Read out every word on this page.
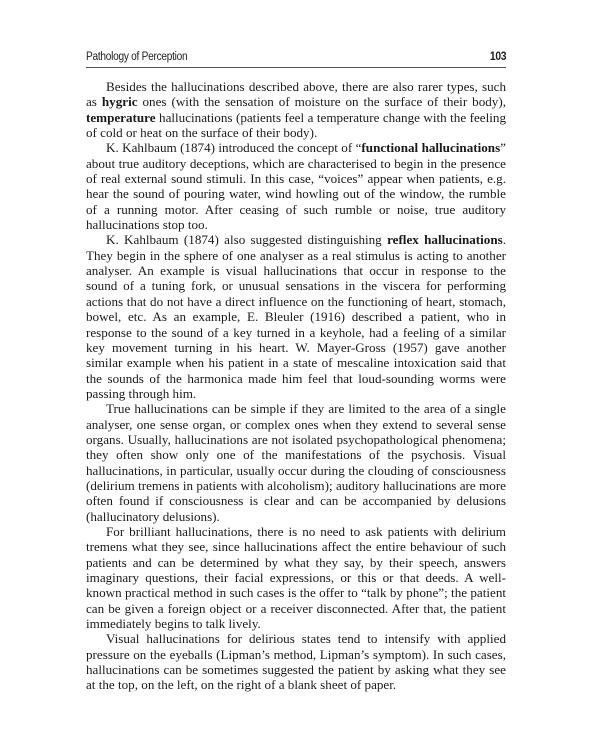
Pathology of Perception	103

Besides the hallucinations described above, there are also rarer types, such as hygric ones (with the sensation of moisture on the surface of their body), temperature hallucinations (patients feel a temperature change with the feeling of cold or heat on the surface of their body).

K. Kahlbaum (1874) introduced the concept of “functional hallucinations” about true auditory deceptions, which are characterised to begin in the presence of real external sound stimuli. In this case, “voices” appear when patients, e.g. hear the sound of pouring water, wind howling out of the window, the rumble of a running motor. After ceasing of such rumble or noise, true auditory hallucinations stop too.

K. Kahlbaum (1874) also suggested distinguishing reflex hallucinations. They begin in the sphere of one analyser as a real stimulus is acting to another analyser. An example is visual hallucinations that occur in response to the sound of a tuning fork, or unusual sensations in the viscera for performing actions that do not have a direct influence on the functioning of heart, stomach, bowel, etc. As an example, E. Bleuler (1916) described a patient, who in response to the sound of a key turned in a keyhole, had a feeling of a similar key movement turning in his heart. W. Mayer-Gross (1957) gave another similar example when his patient in a state of mescaline intoxication said that the sounds of the harmonica made him feel that loud-sounding worms were passing through him.

True hallucinations can be simple if they are limited to the area of a single analyser, one sense organ, or complex ones when they extend to several sense organs. Usually, hallucinations are not isolated psychopathological phenomena; they often show only one of the manifestations of the psychosis. Visual hallucinations, in particular, usually occur during the clouding of consciousness (delirium tremens in patients with alcoholism); auditory hallucinations are more often found if consciousness is clear and can be accompanied by delusions (hallucinatory delusions).

For brilliant hallucinations, there is no need to ask patients with delirium tremens what they see, since hallucinations affect the entire behaviour of such patients and can be determined by what they say, by their speech, answers imaginary questions, their facial expressions, or this or that deeds. A well-known practical method in such cases is the offer to “talk by phone”; the patient can be given a foreign object or a receiver disconnected. After that, the patient immediately begins to talk lively.

Visual hallucinations for delirious states tend to intensify with applied pressure on the eyeballs (Lipman’s method, Lipman’s symptom). In such cases, hallucinations can be sometimes suggested the patient by asking what they see at the top, on the left, on the right of a blank sheet of paper.
